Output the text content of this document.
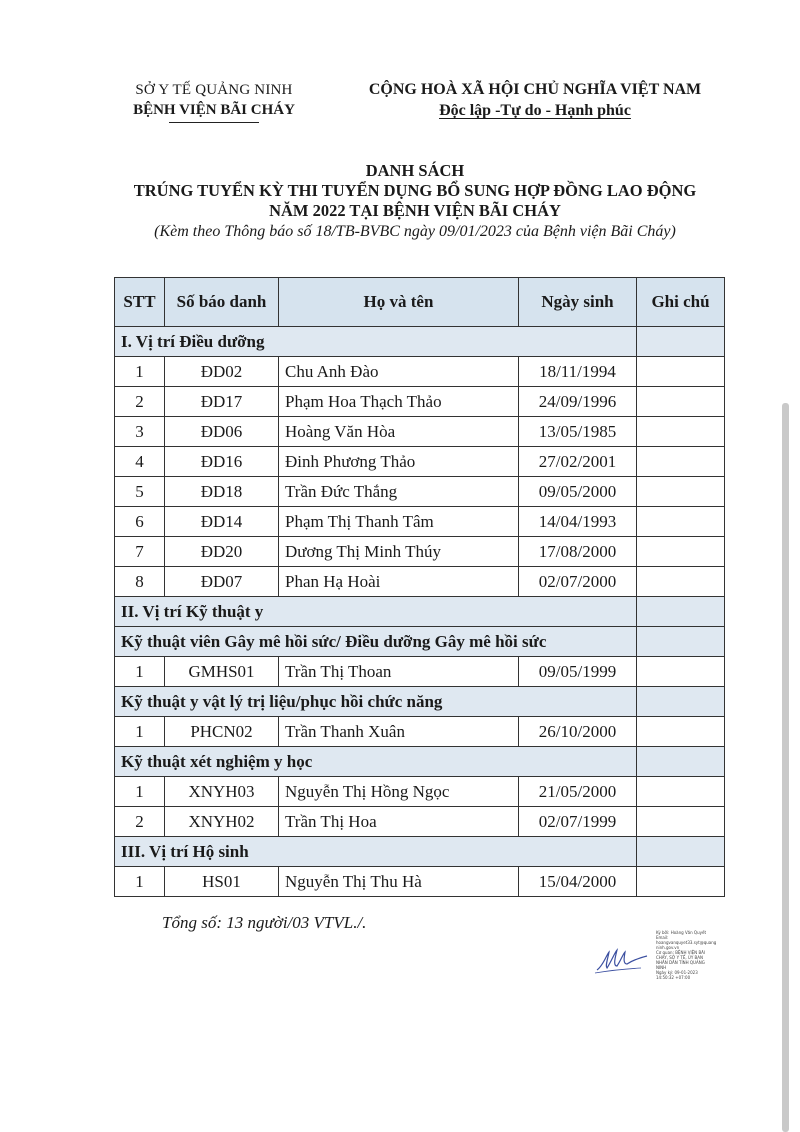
SỞ Y TẾ QUẢNG NINH
BỆNH VIỆN BÃI CHÁY
CỘNG HOÀ XÃ HỘI CHỦ NGHĨA VIỆT NAM
Độc lập -Tự do - Hạnh phúc
DANH SÁCH
TRÚNG TUYỂN KỲ THI TUYỂN DỤNG BỔ SUNG HỢP ĐỒNG LAO ĐỘNG
NĂM 2022 TẠI BỆNH VIỆN BÃI CHÁY
(Kèm theo Thông báo số 18/TB-BVBC ngày 09/01/2023 của Bệnh viện Bãi Cháy)
STT	Số báo danh	Họ và tên	Ngày sinh	Ghi chú
I. Vị trí Điều dưỡng				
1	ĐD02	Chu Anh Đào	18/11/1994	
2	ĐD17	Phạm Hoa Thạch Thảo	24/09/1996	
3	ĐD06	Hoàng Văn Hòa	13/05/1985	
4	ĐD16	Đinh Phương Thảo	27/02/2001	
5	ĐD18	Trần Đức Thắng	09/05/2000	
6	ĐD14	Phạm Thị Thanh Tâm	14/04/1993	
7	ĐD20	Dương Thị Minh Thúy	17/08/2000	
8	ĐD07	Phan Hạ Hoài	02/07/2000	
II. Vị trí Kỹ thuật y				
Kỹ thuật viên Gây mê hồi sức/ Điều dưỡng Gây mê hồi sức				
1	GMHS01	Trần Thị Thoan	09/05/1999	
Kỹ thuật y vật lý trị liệu/phục hồi chức năng				
1	PHCN02	Trần Thanh Xuân	26/10/2000	
Kỹ thuật xét nghiệm y học				
1	XNYH03	Nguyễn Thị Hồng Ngọc	21/05/2000	
2	XNYH02	Trần Thị Hoa	02/07/1999	
III. Vị trí Hộ sinh				
1	HS01	Nguyễn Thị Thu Hà	15/04/2000	
Tổng số: 13 người/03 VTVL./.
Ký bởi: Hoàng Văn Quyết
Email:
hoangvanquyet33.syt@quang
ninh.gov.vn
Cơ quan: BỆNH VIỆN BÃI
CHÁY, SỞ Y TẾ, ỦY BAN
NHÂN DÂN TỈNH QUẢNG
NINH
Ngày ký: 09-01-2023
14:50:32 +07:00
